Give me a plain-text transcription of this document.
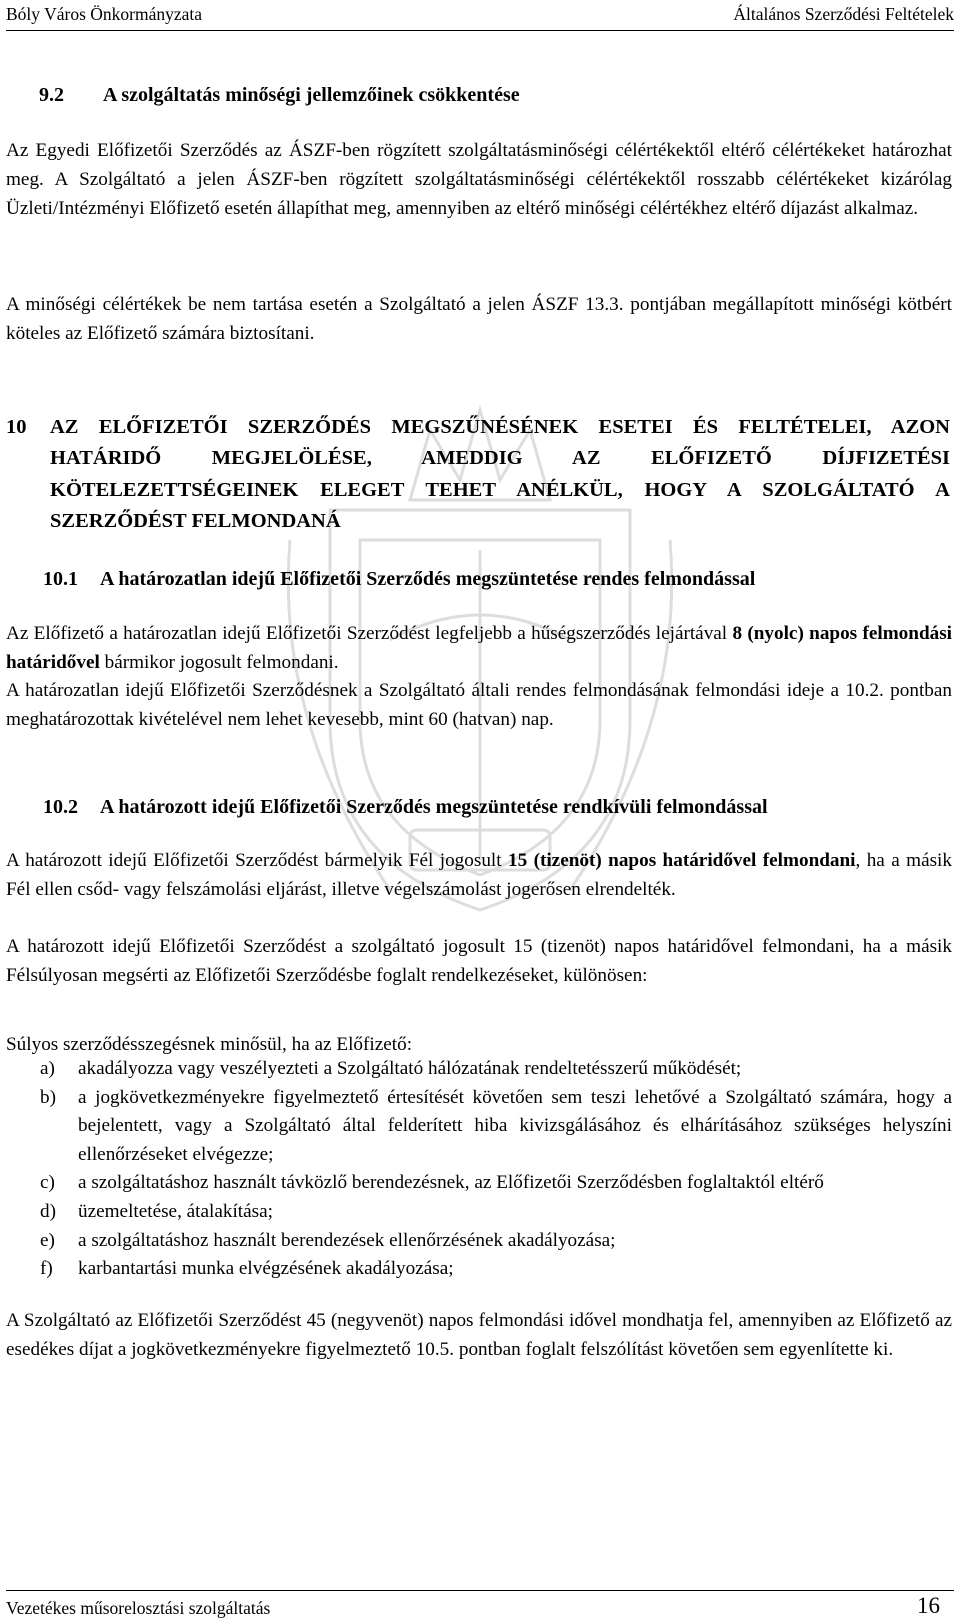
Bóly Város Önkormányzata	Általános Szerződési Feltételek
9.2 A szolgáltatás minőségi jellemzőinek csökkentése
Az Egyedi Előfizetői Szerződés az ÁSZF-ben rögzített szolgáltatásminőségi célértékektől eltérő célértékeket határozhat meg. A Szolgáltató a jelen ÁSZF-ben rögzített szolgáltatásminőségi célértékektől rosszabb célértékeket kizárólag Üzleti/Intézményi Előfizető esetén állapíthat meg, amennyiben az eltérő minőségi célértékhez eltérő díjazást alkalmaz.
A minőségi célértékek be nem tartása esetén a Szolgáltató a jelen ÁSZF 13.3. pontjában megállapított minőségi kötbért köteles az Előfizető számára biztosítani.
10 AZ ELŐFIZETŐI SZERZŐDÉS MEGSZŰNÉSÉNEK ESETEI ÉS FELTÉTELEI, AZON HATÁRIDŐ MEGJELÖLÉSE, AMEDDIG AZ ELŐFIZETŐ DÍJFIZETÉSI KÖTELEZETTSÉGEINEK ELEGET TEHET ANÉLKÜL, HOGY A SZOLGÁLTATÓ A SZERZŐDÉST FELMONDANÁ
10.1 A határozatlan idejű Előfizetői Szerződés megszüntetése rendes felmondással
Az Előfizető a határozatlan idejű Előfizetői Szerződést legfeljebb a hűségszerződés lejártával 8 (nyolc) napos felmondási határidővel bármikor jogosult felmondani.
A határozatlan idejű Előfizetői Szerződésnek a Szolgáltató általi rendes felmondásának felmondási ideje a 10.2. pontban meghatározottak kivételével nem lehet kevesebb, mint 60 (hatvan) nap.
10.2 A határozott idejű Előfizetői Szerződés megszüntetése rendkívüli felmondással
A határozott idejű Előfizetői Szerződést bármelyik Fél jogosult 15 (tizenöt) napos határidővel felmondani, ha a másik Fél ellen csőd- vagy felszámolási eljárást, illetve végelszámolást jogerősen elrendelték.
A határozott idejű Előfizetői Szerződést a szolgáltató jogosult 15 (tizenöt) napos határidővel felmondani, ha a másik Félsúlyosan megsérti az Előfizetői Szerződésbe foglalt rendelkezéseket, különösen:
Súlyos szerződésszegésnek minősül, ha az Előfizető:
a) akadályozza vagy veszélyezteti a Szolgáltató hálózatának rendeltetésszerű működését;
b) a jogkövetkezményekre figyelmeztető értesítését követően sem teszi lehetővé a Szolgáltató számára, hogy a bejelentett, vagy a Szolgáltató által felderített hiba kivizsgálásához és elhárításához szükséges helyszíni ellenőrzéseket elvégezze;
c) a szolgáltatáshoz használt távközlő berendezésnek, az Előfizetői Szerződésben foglaltaktól eltérő
d) üzemeltetése, átalakítása;
e) a szolgáltatáshoz használt berendezések ellenőrzésének akadályozása;
f) karbantartási munka elvégzésének akadályozása;
A Szolgáltató az Előfizetői Szerződést 45 (negyvenöt) napos felmondási idővel mondhatja fel, amennyiben az Előfizető az esedékes díjat a jogkövetkezményekre figyelmeztető 10.5. pontban foglalt felszólítást követően sem egyenlítette ki.
Vezetékes műsorelosztási szolgáltatás	16
